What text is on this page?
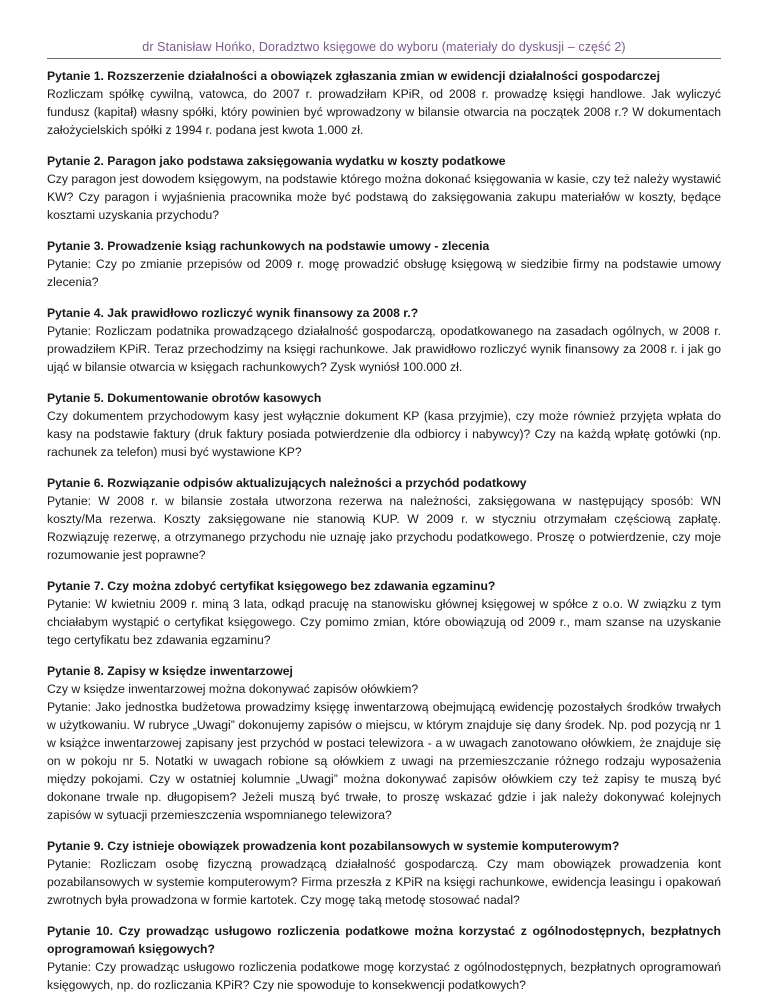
dr Stanisław Hońko, Doradztwo księgowe do wyboru (materiały do dyskusji – część 2)
Pytanie 1. Rozszerzenie działalności a obowiązek zgłaszania zmian w ewidencji działalności gospodarczej
Rozliczam spółkę cywilną, vatowca, do 2007 r. prowadziłam KPiR, od 2008 r. prowadzę księgi handlowe. Jak wyliczyć fundusz (kapitał) własny spółki, który powinien być wprowadzony w bilansie otwarcia na początek 2008 r.? W dokumentach założycielskich spółki z 1994 r. podana jest kwota 1.000 zł.
Pytanie 2. Paragon jako podstawa zaksięgowania wydatku w koszty podatkowe
Czy paragon jest dowodem księgowym, na podstawie którego można dokonać księgowania w kasie, czy też należy wystawić KW? Czy paragon i wyjaśnienia pracownika może być podstawą do zaksięgowania zakupu materiałów w koszty, będące kosztami uzyskania przychodu?
Pytanie 3. Prowadzenie ksiąg rachunkowych na podstawie umowy - zlecenia
Pytanie: Czy po zmianie przepisów od 2009 r. mogę prowadzić obsługę księgową w siedzibie firmy na podstawie umowy zlecenia?
Pytanie 4. Jak prawidłowo rozliczyć wynik finansowy za 2008 r.?
Pytanie: Rozliczam podatnika prowadzącego działalność gospodarczą, opodatkowanego na zasadach ogólnych, w 2008 r. prowadziłem KPiR. Teraz przechodzimy na księgi rachunkowe. Jak prawidłowo rozliczyć wynik finansowy za 2008 r. i jak go ująć w bilansie otwarcia w księgach rachunkowych? Zysk wyniósł 100.000 zł.
Pytanie 5. Dokumentowanie obrotów kasowych
Czy dokumentem przychodowym kasy jest wyłącznie dokument KP (kasa przyjmie), czy może również przyjęta wpłata do kasy na podstawie faktury (druk faktury posiada potwierdzenie dla odbiorcy i nabywcy)? Czy na każdą wpłatę gotówki (np. rachunek za telefon) musi być wystawione KP?
Pytanie 6. Rozwiązanie odpisów aktualizujących należności a przychód podatkowy
Pytanie: W 2008 r. w bilansie została utworzona rezerwa na należności, zaksięgowana w następujący sposób: WN koszty/Ma rezerwa. Koszty zaksięgowane nie stanowią KUP. W 2009 r. w styczniu otrzymałam częściową zapłatę. Rozwiązuję rezerwę, a otrzymanego przychodu nie uznaję jako przychodu podatkowego. Proszę o potwierdzenie, czy moje rozumowanie jest poprawne?
Pytanie 7. Czy można zdobyć certyfikat księgowego bez zdawania egzaminu?
Pytanie: W kwietniu 2009 r. miną 3 lata, odkąd pracuję na stanowisku głównej księgowej w spółce z o.o. W związku z tym chciałabym wystąpić o certyfikat księgowego. Czy pomimo zmian, które obowiązują od 2009 r., mam szanse na uzyskanie tego certyfikatu bez zdawania egzaminu?
Pytanie 8. Zapisy w księdze inwentarzowej
Czy w księdze inwentarzowej można dokonywać zapisów ołówkiem?
Pytanie: Jako jednostka budżetowa prowadzimy księgę inwentarzową obejmującą ewidencję pozostałych środków trwałych w użytkowaniu. W rubryce „Uwagi” dokonujemy zapisów o miejscu, w którym znajduje się dany środek. Np. pod pozycją nr 1 w książce inwentarzowej zapisany jest przychód w postaci telewizora - a w uwagach zanotowano ołówkiem, że znajduje się on w pokoju nr 5. Notatki w uwagach robione są ołówkiem z uwagi na przemieszczanie różnego rodzaju wyposażenia między pokojami. Czy w ostatniej kolumnie „Uwagi” można dokonywać zapisów ołówkiem czy też zapisy te muszą być dokonane trwale np. długopisem? Jeżeli muszą być trwałe, to proszę wskazać gdzie i jak należy dokonywać kolejnych zapisów w sytuacji przemieszczenia wspomnianego telewizora?
Pytanie 9. Czy istnieje obowiązek prowadzenia kont pozabilansowych w systemie komputerowym?
Pytanie: Rozliczam osobę fizyczną prowadzącą działalność gospodarczą. Czy mam obowiązek prowadzenia kont pozabilansowych w systemie komputerowym? Firma przeszła z KPiR na księgi rachunkowe, ewidencja leasingu i opakowań zwrotnych była prowadzona w formie kartotek. Czy mogę taką metodę stosować nadal?
Pytanie 10. Czy prowadząc usługowo rozliczenia podatkowe można korzystać z ogólnodostępnych, bezpłatnych oprogramowań księgowych?
Pytanie: Czy prowadząc usługowo rozliczenia podatkowe mogę korzystać z ogólnodostępnych, bezpłatnych oprogramowań księgowych, np. do rozliczania KPiR? Czy nie spowoduje to konsekwencji podatkowych?
